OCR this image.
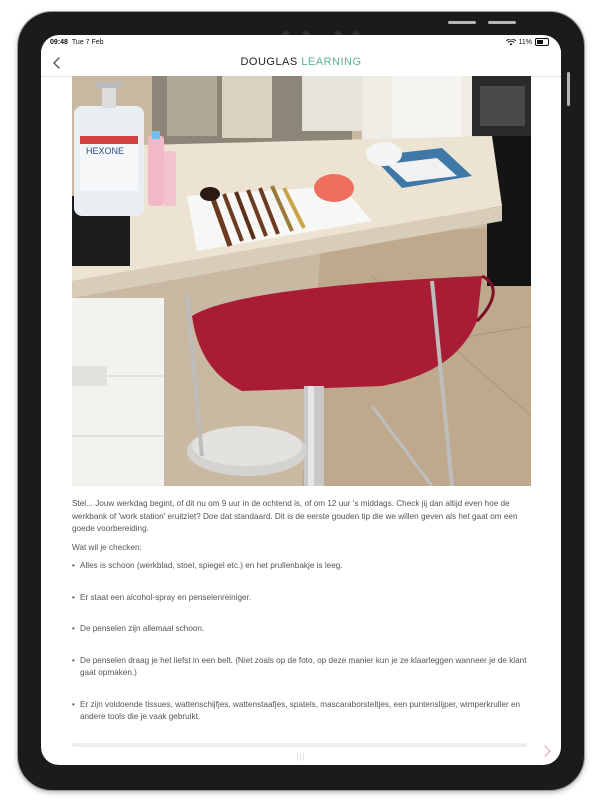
09:48 Tue 7 Feb	11%
DOUGLAS LEARNING
HEXONE

Stel... Jouw werkdag begint, of dit nu om 9 uur in de ochtend is, of om 12 uur 's middags. Check jij dan altijd even hoe de werkbank of 'work station' eruitziet? Doe dat standaard. Dit is de eerste gouden tip die we willen geven als het gaat om een goede voorbereiding.

Wat wil je checken:

• Alles is schoon (werkblad, stoel, spiegel etc.) en het prullenbakje is leeg.
• Er staat een alcohol-spray en penselenreiniger.
• De penselen zijn allemaal schoon.
• De penselen draag je het liefst in een belt. (Niet zoals op de foto, op deze manier kun je ze klaarleggen wanneer je de klant gaat opmaken.)
• Er zijn voldoende tissues, wattenschijfjes, wattenstaafjes, spatels, mascaraborsteltjes, een puntenslijper, wimperkruller en andere tools die je vaak gebruikt.
|||
